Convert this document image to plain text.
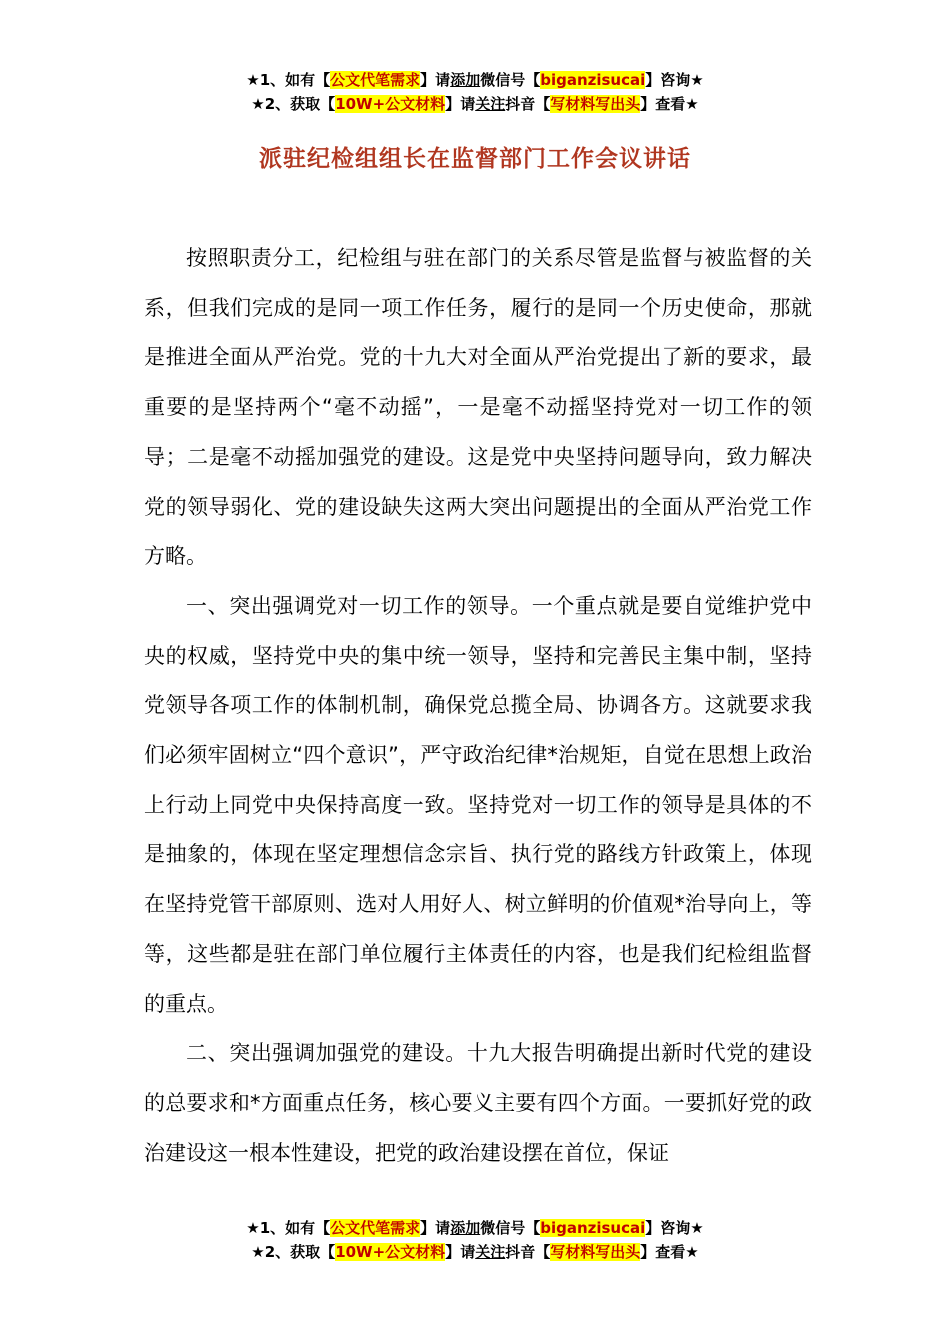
★1、如有【公文代笔需求】请添加微信号【biganzisucai】咨询★
★2、获取【10W+公文材料】请关注抖音【写材料写出头】查看★
派驻纪检组组长在监督部门工作会议讲话

按照职责分工，纪检组与驻在部门的关系尽管是监督与被监督的关系，但我们完成的是同一项工作任务，履行的是同一个历史使命，那就是推进全面从严治党。党的十九大对全面从严治党提出了新的要求，最重要的是坚持两个“毫不动摇”，一是毫不动摇坚持党对一切工作的领导；二是毫不动摇加强党的建设。这是党中央坚持问题导向，致力解决党的领导弱化、党的建设缺失这两大突出问题提出的全面从严治党工作方略。

一、突出强调党对一切工作的领导。一个重点就是要自觉维护党中央的权威，坚持党中央的集中统一领导，坚持和完善民主集中制，坚持党领导各项工作的体制机制，确保党总揽全局、协调各方。这就要求我们必须牢固树立“四个意识”，严守政治纪律*治规矩，自觉在思想上政治上行动上同党中央保持高度一致。坚持党对一切工作的领导是具体的不是抽象的，体现在坚定理想信念宗旨、执行党的路线方针政策上，体现在坚持党管干部原则、选对人用好人、树立鲜明的价值观*治导向上，等等，这些都是驻在部门单位履行主体责任的内容，也是我们纪检组监督的重点。

二、突出强调加强党的建设。十九大报告明确提出新时代党的建设的总要求和*方面重点任务，核心要义主要有四个方面。一要抓好党的政治建设这一根本性建设，把党的政治建设摆在首位，保证

★1、如有【公文代笔需求】请添加微信号【biganzisucai】咨询★
★2、获取【10W+公文材料】请关注抖音【写材料写出头】查看★
